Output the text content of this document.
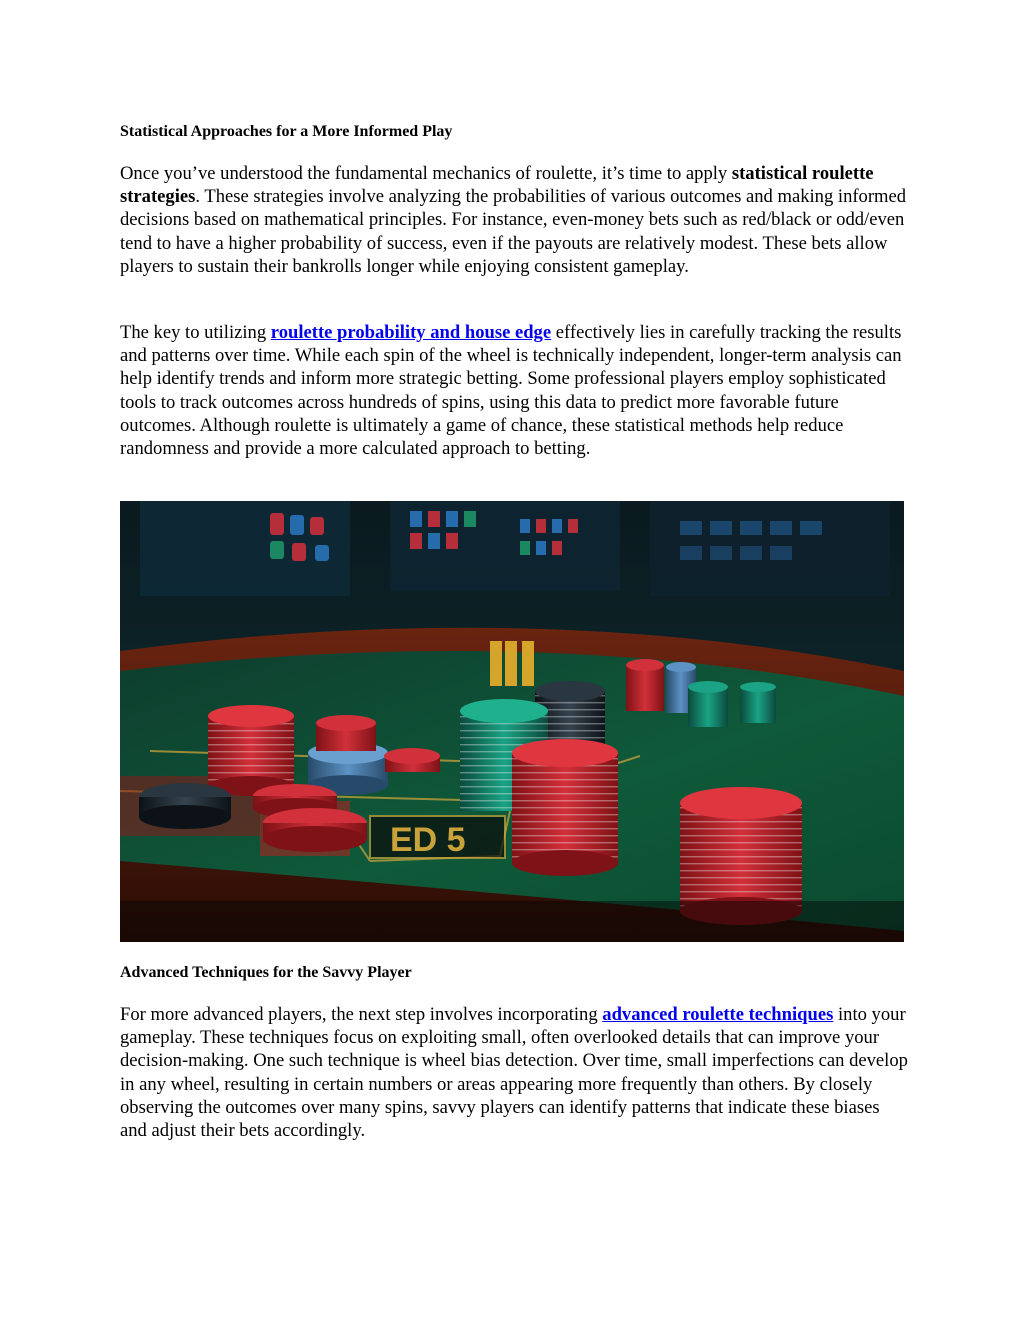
Statistical Approaches for a More Informed Play

Once you’ve understood the fundamental mechanics of roulette, it’s time to apply statistical roulette strategies. These strategies involve analyzing the probabilities of various outcomes and making informed decisions based on mathematical principles. For instance, even-money bets such as red/black or odd/even tend to have a higher probability of success, even if the payouts are relatively modest. These bets allow players to sustain their bankrolls longer while enjoying consistent gameplay.

The key to utilizing roulette probability and house edge effectively lies in carefully tracking the results and patterns over time. While each spin of the wheel is technically independent, longer-term analysis can help identify trends and inform more strategic betting. Some professional players employ sophisticated tools to track outcomes across hundreds of spins, using this data to predict more favorable future outcomes. Although roulette is ultimately a game of chance, these statistical methods help reduce randomness and provide a more calculated approach to betting.

ED 5
Advanced Techniques for the Savvy Player

For more advanced players, the next step involves incorporating advanced roulette techniques into your gameplay. These techniques focus on exploiting small, often overlooked details that can improve your decision-making. One such technique is wheel bias detection. Over time, small imperfections can develop in any wheel, resulting in certain numbers or areas appearing more frequently than others. By closely observing the outcomes over many spins, savvy players can identify patterns that indicate these biases and adjust their bets accordingly.
